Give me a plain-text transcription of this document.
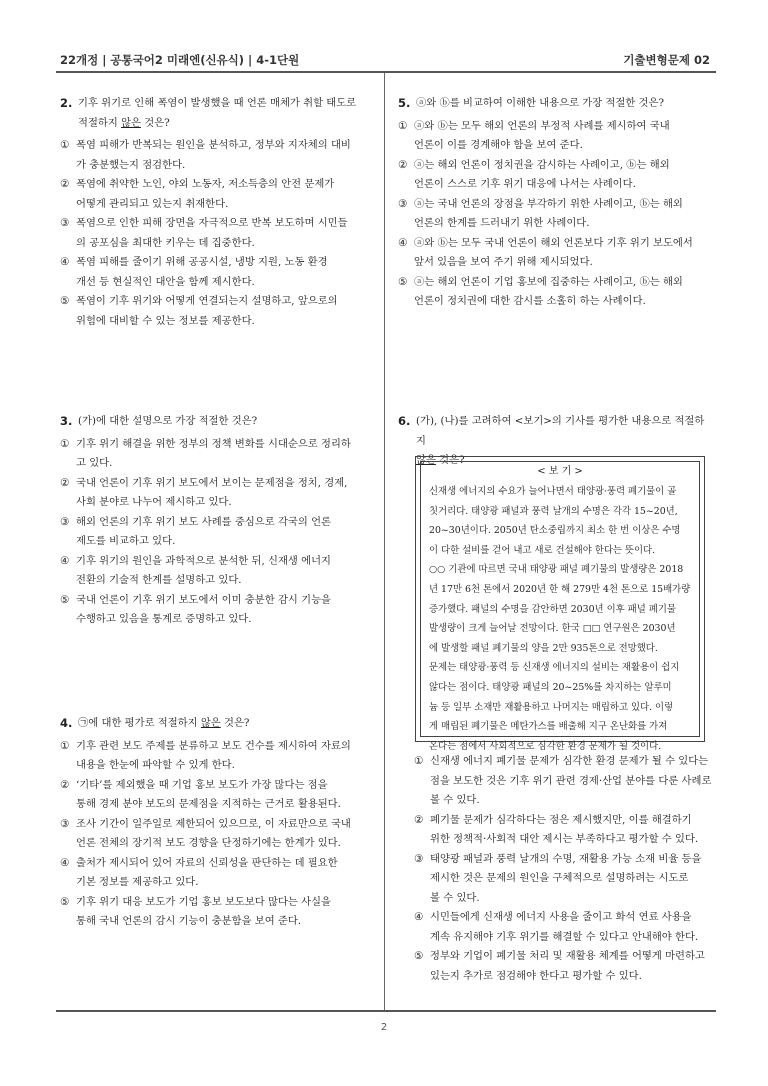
22개정 | 공통국어2 미래엔(신유식) | 4-1단원	기출변형문제 02
2. 기후 위기로 인해 폭염이 발생했을 때 언론 매체가 취할 태도로
적절하지 않은 것은?
① 폭염 피해가 반복되는 원인을 분석하고, 정부와 지자체의 대비
가 충분했는지 점검한다.
② 폭염에 취약한 노인, 야외 노동자, 저소득층의 안전 문제가
어떻게 관리되고 있는지 취재한다.
③ 폭염으로 인한 피해 장면을 자극적으로 반복 보도하며 시민들
의 공포심을 최대한 키우는 데 집중한다.
④ 폭염 피해를 줄이기 위해 공공시설, 냉방 지원, 노동 환경
개선 등 현실적인 대안을 함께 제시한다.
⑤ 폭염이 기후 위기와 어떻게 연결되는지 설명하고, 앞으로의
위험에 대비할 수 있는 정보를 제공한다.
3. (가)에 대한 설명으로 가장 적절한 것은?
① 기후 위기 해결을 위한 정부의 정책 변화를 시대순으로 정리하
고 있다.
② 국내 언론이 기후 위기 보도에서 보이는 문제점을 정치, 경제,
사회 분야로 나누어 제시하고 있다.
③ 해외 언론의 기후 위기 보도 사례를 중심으로 각국의 언론
제도를 비교하고 있다.
④ 기후 위기의 원인을 과학적으로 분석한 뒤, 신재생 에너지
전환의 기술적 한계를 설명하고 있다.
⑤ 국내 언론이 기후 위기 보도에서 이미 충분한 감시 기능을
수행하고 있음을 통계로 증명하고 있다.
4. ㉠에 대한 평가로 적절하지 않은 것은?
① 기후 관련 보도 주제를 분류하고 보도 건수를 제시하여 자료의
내용을 한눈에 파악할 수 있게 한다.
② ‘기타’를 제외했을 때 기업 홍보 보도가 가장 많다는 점을
통해 경제 분야 보도의 문제점을 지적하는 근거로 활용된다.
③ 조사 기간이 일주일로 제한되어 있으므로, 이 자료만으로 국내
언론 전체의 장기적 보도 경향을 단정하기에는 한계가 있다.
④ 출처가 제시되어 있어 자료의 신뢰성을 판단하는 데 필요한
기본 정보를 제공하고 있다.
⑤ 기후 위기 대응 보도가 기업 홍보 보도보다 많다는 사실을
통해 국내 언론의 감시 기능이 충분함을 보여 준다.
5. ⓐ와 ⓑ를 비교하여 이해한 내용으로 가장 적절한 것은?
① ⓐ와 ⓑ는 모두 해외 언론의 부정적 사례를 제시하여 국내
언론이 이를 경계해야 함을 보여 준다.
② ⓐ는 해외 언론이 정치권을 감시하는 사례이고, ⓑ는 해외
언론이 스스로 기후 위기 대응에 나서는 사례이다.
③ ⓐ는 국내 언론의 장점을 부각하기 위한 사례이고, ⓑ는 해외
언론의 한계를 드러내기 위한 사례이다.
④ ⓐ와 ⓑ는 모두 국내 언론이 해외 언론보다 기후 위기 보도에서
앞서 있음을 보여 주기 위해 제시되었다.
⑤ ⓐ는 해외 언론이 기업 홍보에 집중하는 사례이고, ⓑ는 해외
언론이 정치권에 대한 감시를 소홀히 하는 사례이다.
6. (가), (나)를 고려하여 <보기>의 기사를 평가한 내용으로 적절하지
않은 것은?
< 보 기 >
신재생 에너지의 수요가 늘어나면서 태양광·풍력 폐기물이 골
칫거리다. 태양광 패널과 풍력 날개의 수명은 각각 15~20년,
20~30년이다. 2050년 탄소중립까지 최소 한 번 이상은 수명
이 다한 설비를 걷어 내고 새로 건설해야 한다는 뜻이다.
○○ 기관에 따르면 국내 태양광 패널 폐기물의 발생량은 2018
년 17만 6천 톤에서 2020년 한 해 279만 4천 톤으로 15배가량
증가했다. 패널의 수명을 감안하면 2030년 이후 패널 폐기물
발생량이 크게 늘어날 전망이다. 한국 □□ 연구원은 2030년
에 발생할 패널 폐기물의 양을 2만 935톤으로 전망했다.
문제는 태양광·풍력 등 신재생 에너지의 설비는 재활용이 쉽지
않다는 점이다. 태양광 패널의 20~25%를 차지하는 알루미
늄 등 일부 소재만 재활용하고 나머지는 매립하고 있다. 이렇
게 매립된 폐기물은 메탄가스를 배출해 지구 온난화를 가져
온다는 점에서 사회적으로 심각한 환경 문제가 될 것이다.
① 신재생 에너지 폐기물 문제가 심각한 환경 문제가 될 수 있다는
점을 보도한 것은 기후 위기 관련 경제·산업 분야를 다룬 사례로
볼 수 있다.
② 폐기물 문제가 심각하다는 점은 제시했지만, 이를 해결하기
위한 정책적·사회적 대안 제시는 부족하다고 평가할 수 있다.
③ 태양광 패널과 풍력 날개의 수명, 재활용 가능 소재 비율 등을
제시한 것은 문제의 원인을 구체적으로 설명하려는 시도로
볼 수 있다.
④ 시민들에게 신재생 에너지 사용을 줄이고 화석 연료 사용을
계속 유지해야 기후 위기를 해결할 수 있다고 안내해야 한다.
⑤ 정부와 기업이 폐기물 처리 및 재활용 체계를 어떻게 마련하고
있는지 추가로 점검해야 한다고 평가할 수 있다.
2
